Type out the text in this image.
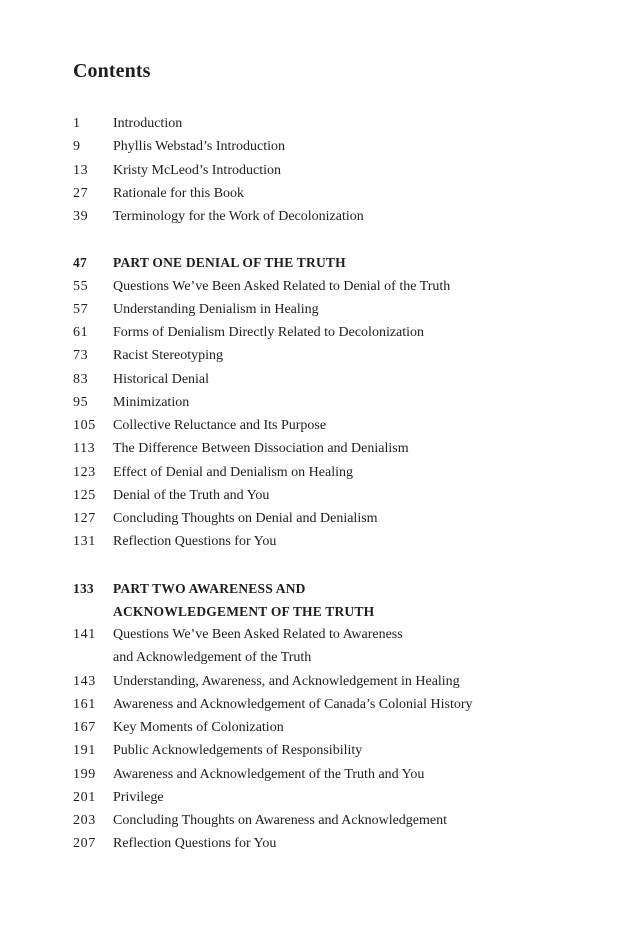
Contents
1	Introduction
9	Phyllis Webstad’s Introduction
13	Kristy McLeod’s Introduction
27	Rationale for this Book
39	Terminology for the Work of Decolonization
47	PART ONE DENIAL OF THE TRUTH
55	Questions We’ve Been Asked Related to Denial of the Truth
57	Understanding Denialism in Healing
61	Forms of Denialism Directly Related to Decolonization
73	Racist Stereotyping
83	Historical Denial
95	Minimization
105	Collective Reluctance and Its Purpose
113	The Difference Between Dissociation and Denialism
123	Effect of Denial and Denialism on Healing
125	Denial of the Truth and You
127	Concluding Thoughts on Denial and Denialism
131	Reflection Questions for You
133	PART TWO AWARENESS AND
ACKNOWLEDGEMENT OF THE TRUTH
141	Questions We’ve Been Asked Related to Awareness
and Acknowledgement of the Truth
143	Understanding, Awareness, and Acknowledgement in Healing
161	Awareness and Acknowledgement of Canada’s Colonial History
167	Key Moments of Colonization
191	Public Acknowledgements of Responsibility
199	Awareness and Acknowledgement of the Truth and You
201	Privilege
203	Concluding Thoughts on Awareness and Acknowledgement
207	Reflection Questions for You
